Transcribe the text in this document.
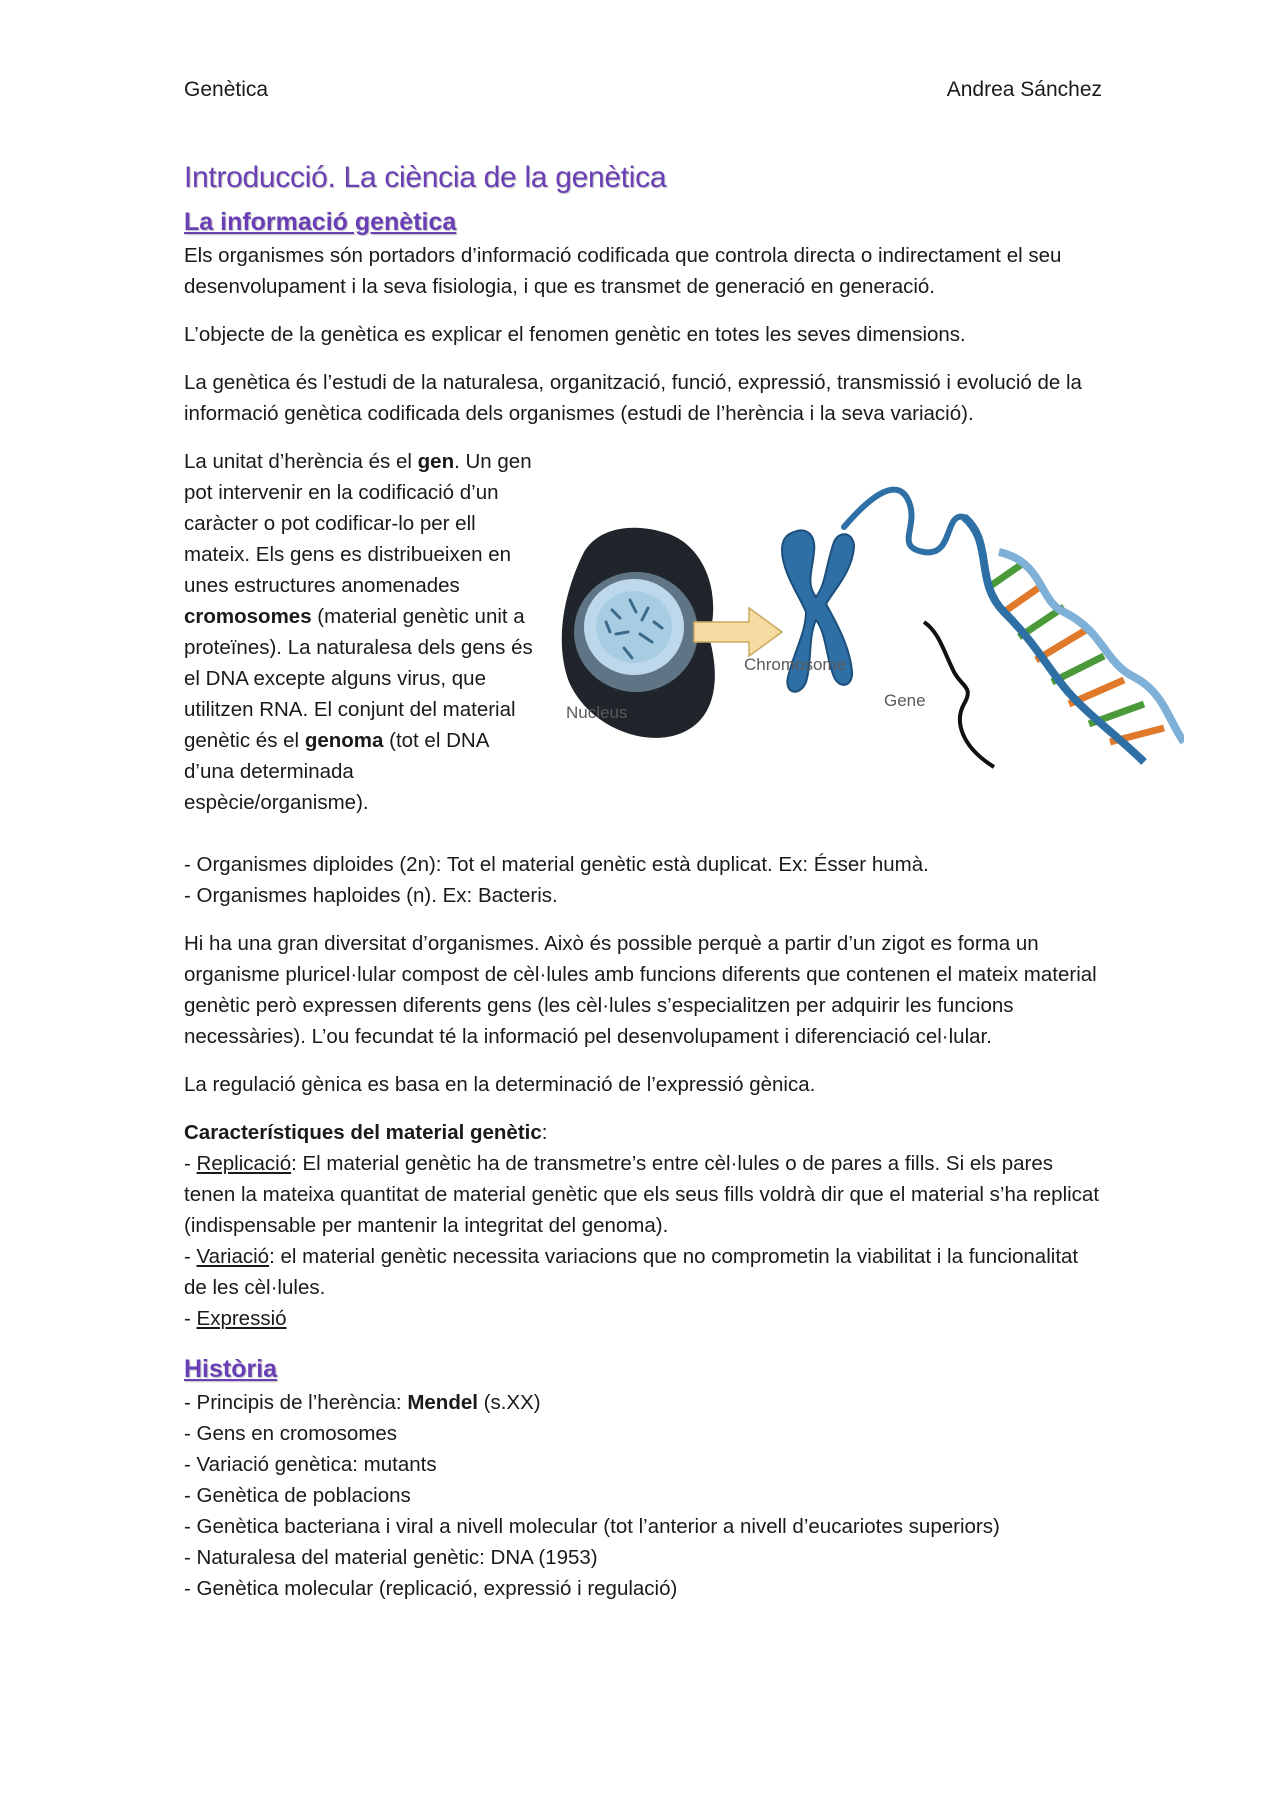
Genètica	Andrea Sánchez
Introducció. La ciència de la genètica
La informació genètica

Els organismes són portadors d’informació codificada que controla directa o indirectament el seu desenvolupament i la seva fisiologia, i que es transmet de generació en generació.

L’objecte de la genètica es explicar el fenomen genètic en totes les seves dimensions.

La genètica és l’estudi de la naturalesa, organització, funció, expressió, transmissió i evolució de la informació genètica codificada dels organismes (estudi de l’herència i la seva variació).

La unitat d’herència és el gen. Un gen pot intervenir en la codificació d’un caràcter o pot codificar-lo per ell mateix. Els gens es distribueixen en unes estructures anomenades cromosomes (material genètic unit a proteïnes). La naturalesa dels gens és el DNA excepte alguns virus, que utilitzen RNA. El conjunt del material genètic és el genoma (tot el DNA d’una determinada espècie/organisme).
Nucleus
Chromosome
Gene
- Organismes diploides (2n): Tot el material genètic està duplicat. Ex: Ésser humà.
- Organismes haploides (n). Ex: Bacteris.

Hi ha una gran diversitat d’organismes. Això és possible perquè a partir d’un zigot es forma un organisme pluricel·lular compost de cèl·lules amb funcions diferents que contenen el mateix material genètic però expressen diferents gens (les cèl·lules s’especialitzen per adquirir les funcions necessàries). L’ou fecundat té la informació pel desenvolupament i diferenciació cel·lular.

La regulació gènica es basa en la determinació de l’expressió gènica.

Característiques del material genètic:
- Replicació: El material genètic ha de transmetre’s entre cèl·lules o de pares a fills. Si els pares tenen la mateixa quantitat de material genètic que els seus fills voldrà dir que el material s’ha replicat (indispensable per mantenir la integritat del genoma).
- Variació: el material genètic necessita variacions que no comprometin la viabilitat i la funcionalitat de les cèl·lules.
- Expressió
Història
- Principis de l’herència: Mendel (s.XX)
- Gens en cromosomes
- Variació genètica: mutants
- Genètica de poblacions
- Genètica bacteriana i viral a nivell molecular (tot l’anterior a nivell d’eucariotes superiors)
- Naturalesa del material genètic: DNA (1953)
- Genètica molecular (replicació, expressió i regulació)
